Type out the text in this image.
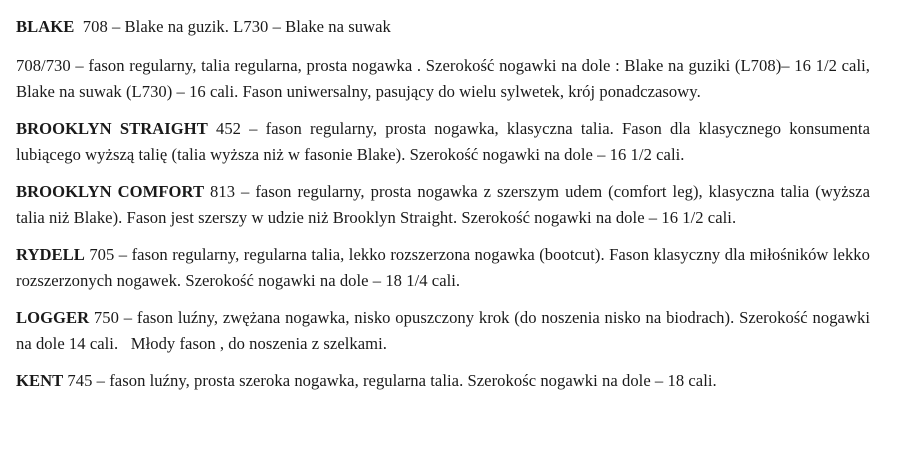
BLAKE  708 – Blake na guzik. L730 – Blake na suwak

708/730 – fason regularny, talia regularna, prosta nogawka . Szerokość nogawki na dole : Blake na guziki (L708)– 16 1/2 cali, Blake na suwak (L730) – 16 cali. Fason uniwersalny, pasujący do wielu sylwetek, krój ponadczasowy.

BROOKLYN STRAIGHT 452 – fason regularny, prosta nogawka, klasyczna talia. Fason dla klasycznego konsumenta lubiącego wyższą talię (talia wyższa niż w fasonie Blake). Szerokość nogawki na dole – 16 1/2 cali.

BROOKLYN COMFORT 813 – fason regularny, prosta nogawka z szerszym udem (comfort leg), klasyczna talia (wyższa talia niż Blake). Fason jest szerszy w udzie niż Brooklyn Straight. Szerokość nogawki na dole – 16 1/2 cali.

RYDELL 705 – fason regularny, regularna talia, lekko rozszerzona nogawka (bootcut). Fason klasyczny dla miłośników lekko rozszerzonych nogawek. Szerokość nogawki na dole – 18 1/4 cali.

LOGGER 750 – fason luźny, zwężana nogawka, nisko opuszczony krok (do noszenia nisko na biodrach). Szerokość nogawki na dole 14 cali.   Młody fason , do noszenia z szelkami.

KENT 745 – fason luźny, prosta szeroka nogawka, regularna talia. Szerokośc nogawki na dole – 18 cali.
